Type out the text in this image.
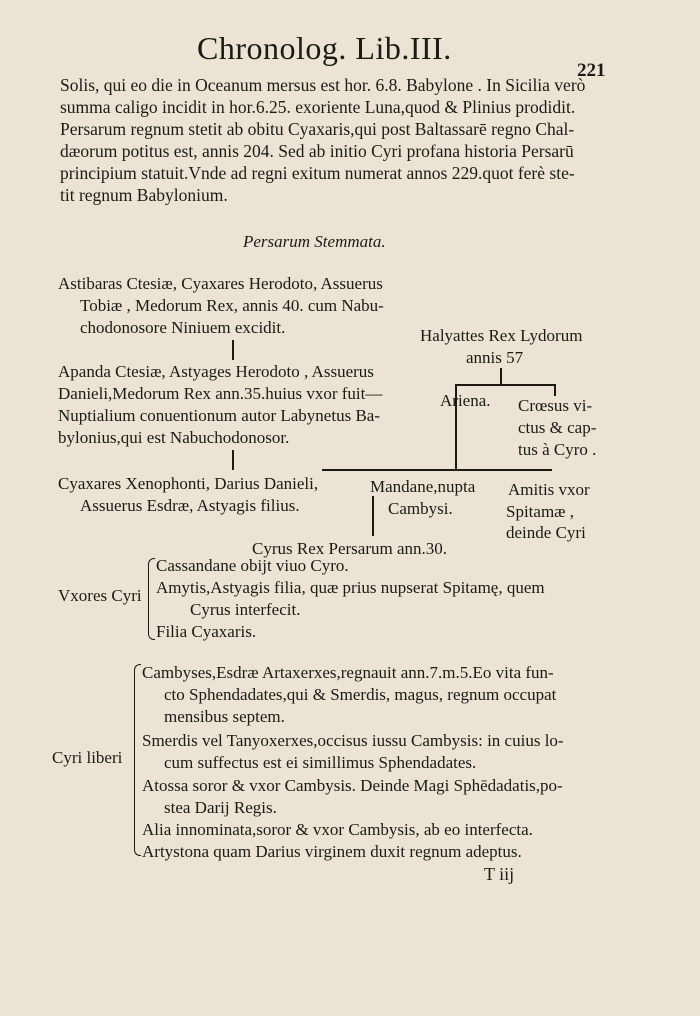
Chronolog. Lib.III.
221
Solis, qui eo die in Oceanum mersus est hor. 6.8. Babylone . In Sicilia verò
summa caligo incidit in hor.6.25. exoriente Luna,quod & Plinius prodidit.
Persarum regnum stetit ab obitu Cyaxaris,qui post Baltassarē regno Chal-
dæorum potitus est, annis 204. Sed ab initio Cyri profana historia Persarū
principium statuit.Vnde ad regni exitum numerat annos 229.quot ferè ste-
tit regnum Babylonium.
Persarum Stemmata.
Astibaras Ctesiæ, Cyaxares Herodoto, Assuerus
Tobiæ , Medorum Rex, annis 40. cum Nabu-
chodonosore Niniuem excidit.	Halyattes Rex Lydorum
annis 57
Apanda Ctesiæ, Astyages Herodoto , Assuerus
Danieli,Medorum Rex ann.35.huius vxor fuit—
Nuptialium conuentionum autor Labynetus Ba-
bylonius,qui est Nabuchodonosor.
Ariena. Crœsus vi-
ctus & cap-
tus à Cyro .
Cyaxares Xenophonti, Darius Danieli,
Assuerus Esdræ, Astyagis filius.
Mandane,nupta
Cambysi.
Amitis vxor
Spitamæ ,
deinde Cyri
Cyrus Rex Persarum ann.30.
Vxores Cyri
Cassandane obijt viuo Cyro.
Amytis,Astyagis filia, quæ prius nupserat Spitamę, quem
Cyrus interfecit.
Filia Cyaxaris.
Cyri liberi
Cambyses,Esdræ Artaxerxes,regnauit ann.7.m.5.Eo vita fun-
cto Sphendadates,qui & Smerdis, magus, regnum occupat
mensibus septem.
Smerdis vel Tanyoxerxes,occisus iussu Cambysis: in cuius lo-
cum suffectus est ei simillimus Sphendadates.
Atossa soror & vxor Cambysis. Deinde Magi Sphēdadatis,po-
stea Darij Regis.
Alia innominata,soror & vxor Cambysis, ab eo interfecta.
Artystona quam Darius virginem duxit regnum adeptus.
T iij
